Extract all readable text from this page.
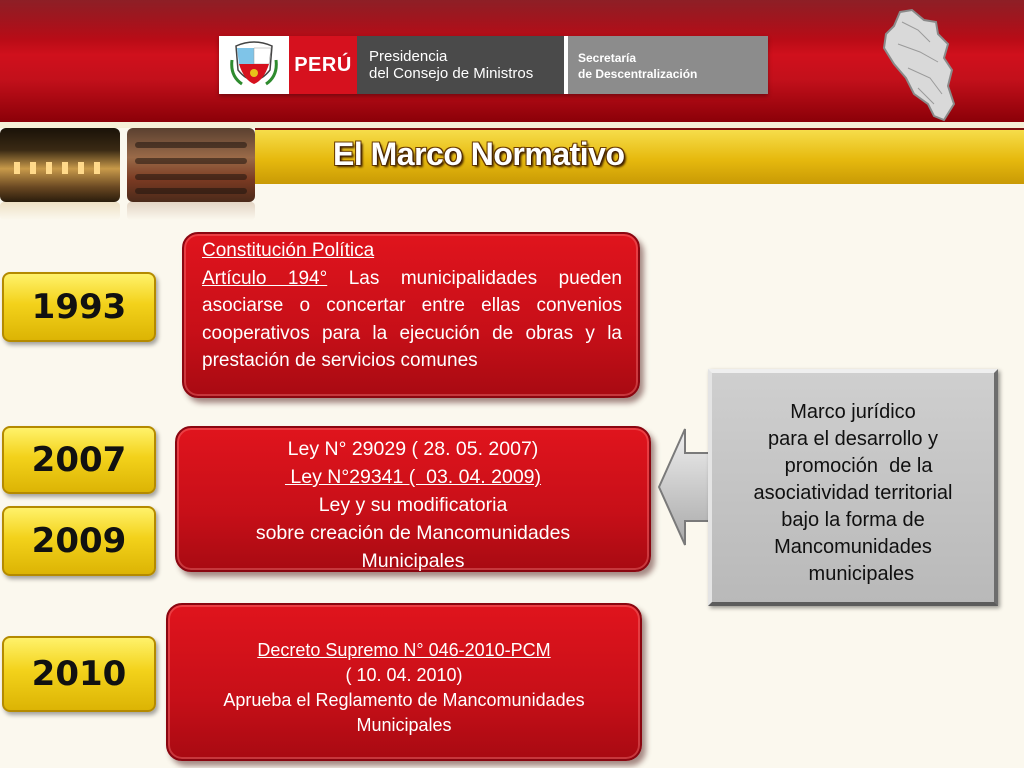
PERÚ	Presidencia
del Consejo de Ministros
Secretaría
de Descentralización
El Marco Normativo
1993
2007
2009
2010
Constitución Política
Artículo 194° Las municipalidades pueden asociarse o concertar entre ellas convenios cooperativos para la ejecución de obras y la prestación de servicios comunes
Ley N° 29029 ( 28. 05. 2007)
Ley N°29341 (  03. 04. 2009)
Ley y su modificatoria
sobre creación de Mancomunidades
Municipales
Decreto Supremo N° 046-2010-PCM
( 10. 04. 2010)
Aprueba el Reglamento de Mancomunidades
Municipales
Marco jurídico
para el desarrollo y
promoción  de la
asociatividad territorial
bajo la forma de
Mancomunidades
municipales
